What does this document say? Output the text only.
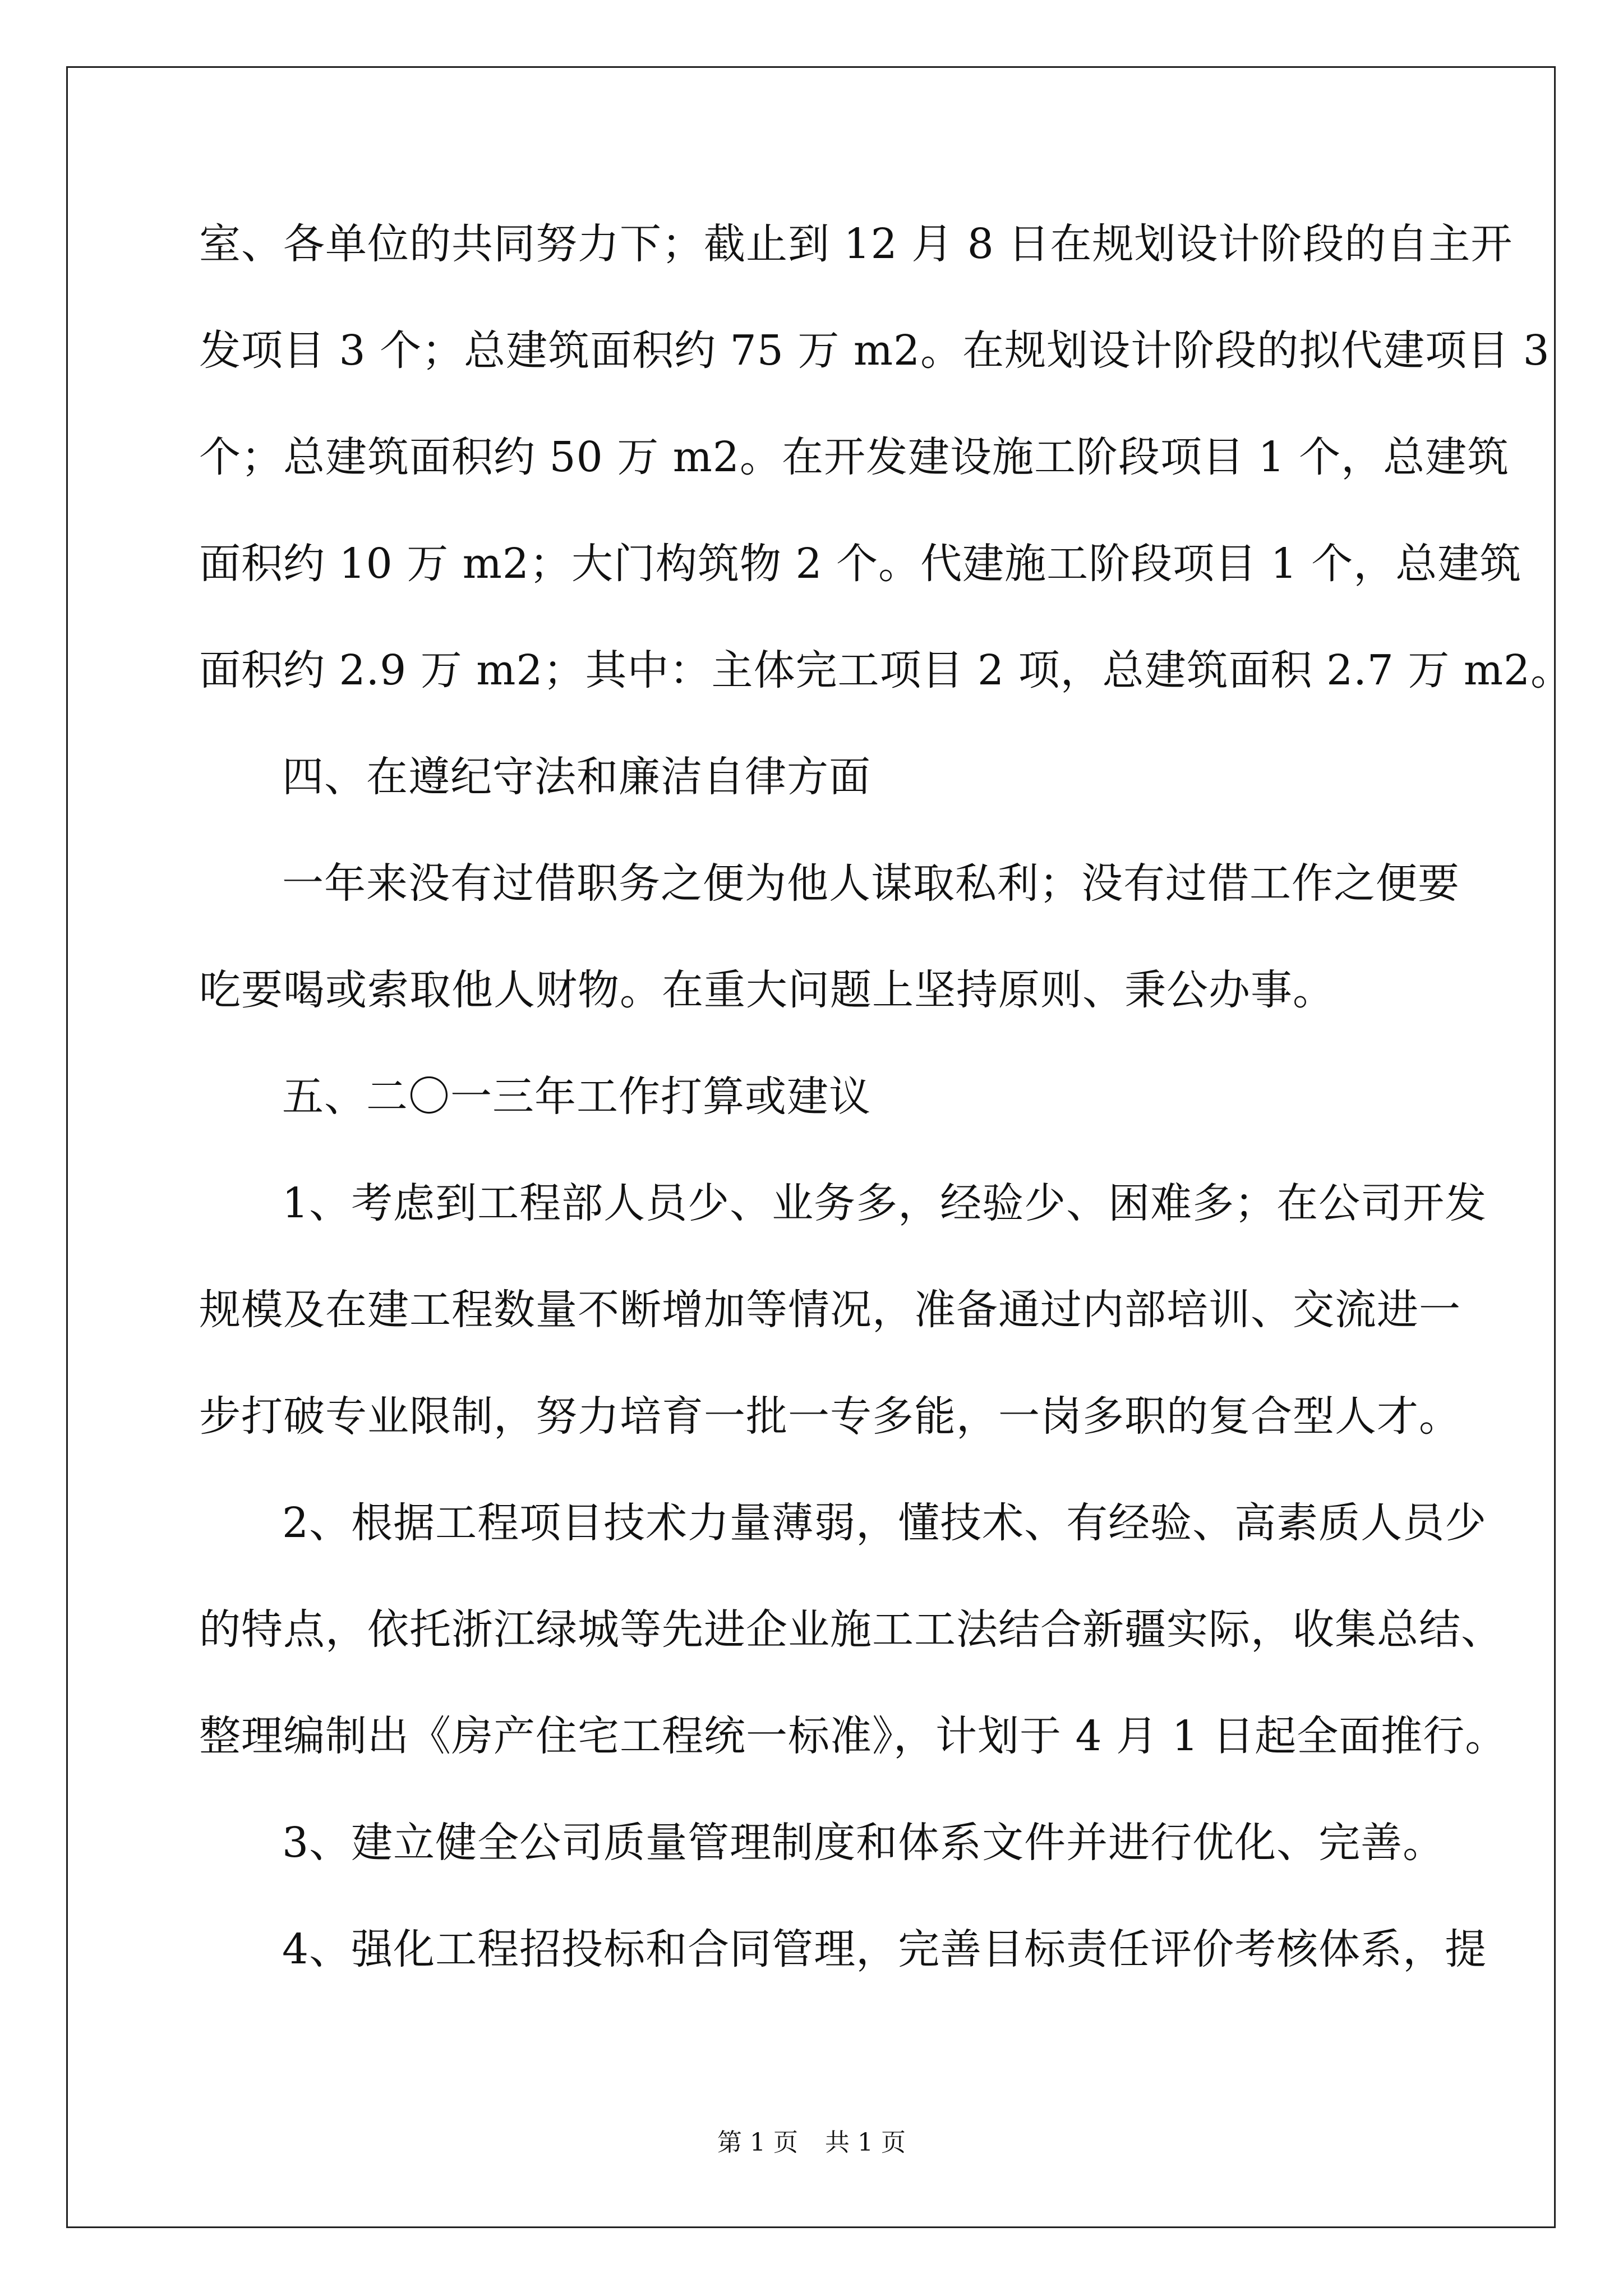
室、各单位的共同努力下；截止到 12 月 8 日在规划设计阶段的自主开
发项目 3 个；总建筑面积约 75 万 m2。在规划设计阶段的拟代建项目 3
个；总建筑面积约 50 万 m2。在开发建设施工阶段项目 1 个，总建筑
面积约 10 万 m2；大门构筑物 2 个。代建施工阶段项目 1 个，总建筑
面积约 2.9 万 m2；其中：主体完工项目 2 项，总建筑面积 2.7 万 m2。
四、在遵纪守法和廉洁自律方面
一年来没有过借职务之便为他人谋取私利；没有过借工作之便要
吃要喝或索取他人财物。在重大问题上坚持原则、秉公办事。
五、二〇一三年工作打算或建议
1、考虑到工程部人员少、业务多，经验少、困难多；在公司开发
规模及在建工程数量不断增加等情况，准备通过内部培训、交流进一
步打破专业限制，努力培育一批一专多能，一岗多职的复合型人才。
2、根据工程项目技术力量薄弱，懂技术、有经验、高素质人员少
的特点，依托浙江绿城等先进企业施工工法结合新疆实际，收集总结、
整理编制出《房产住宅工程统一标准》，计划于 4 月 1 日起全面推行。
3、建立健全公司质量管理制度和体系文件并进行优化、完善。
4、强化工程招投标和合同管理，完善目标责任评价考核体系，提
第 1 页 共 1 页
